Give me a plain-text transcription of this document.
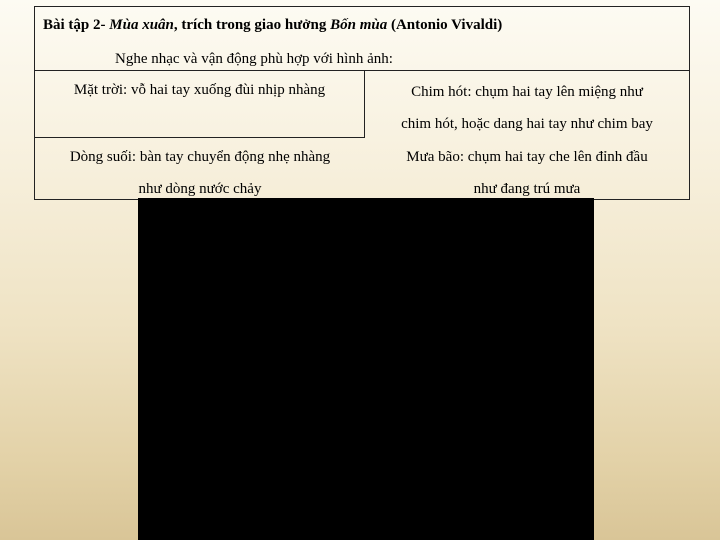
Bài tập 2- Mùa xuân, trích trong giao hưởng Bốn mùa (Antonio Vivaldi)
Nghe nhạc và vận động phù hợp với hình ảnh:
Mặt trời: vỗ hai tay xuống đùi nhịp nhàng	Chim hót: chụm hai tay lên miệng như
chim hót, hoặc dang hai tay như chim bay
Dòng suối: bàn tay chuyển động nhẹ nhàng
như dòng nước chảy
Mưa bão: chụm hai tay che lên đỉnh đầu
như đang trú mưa
